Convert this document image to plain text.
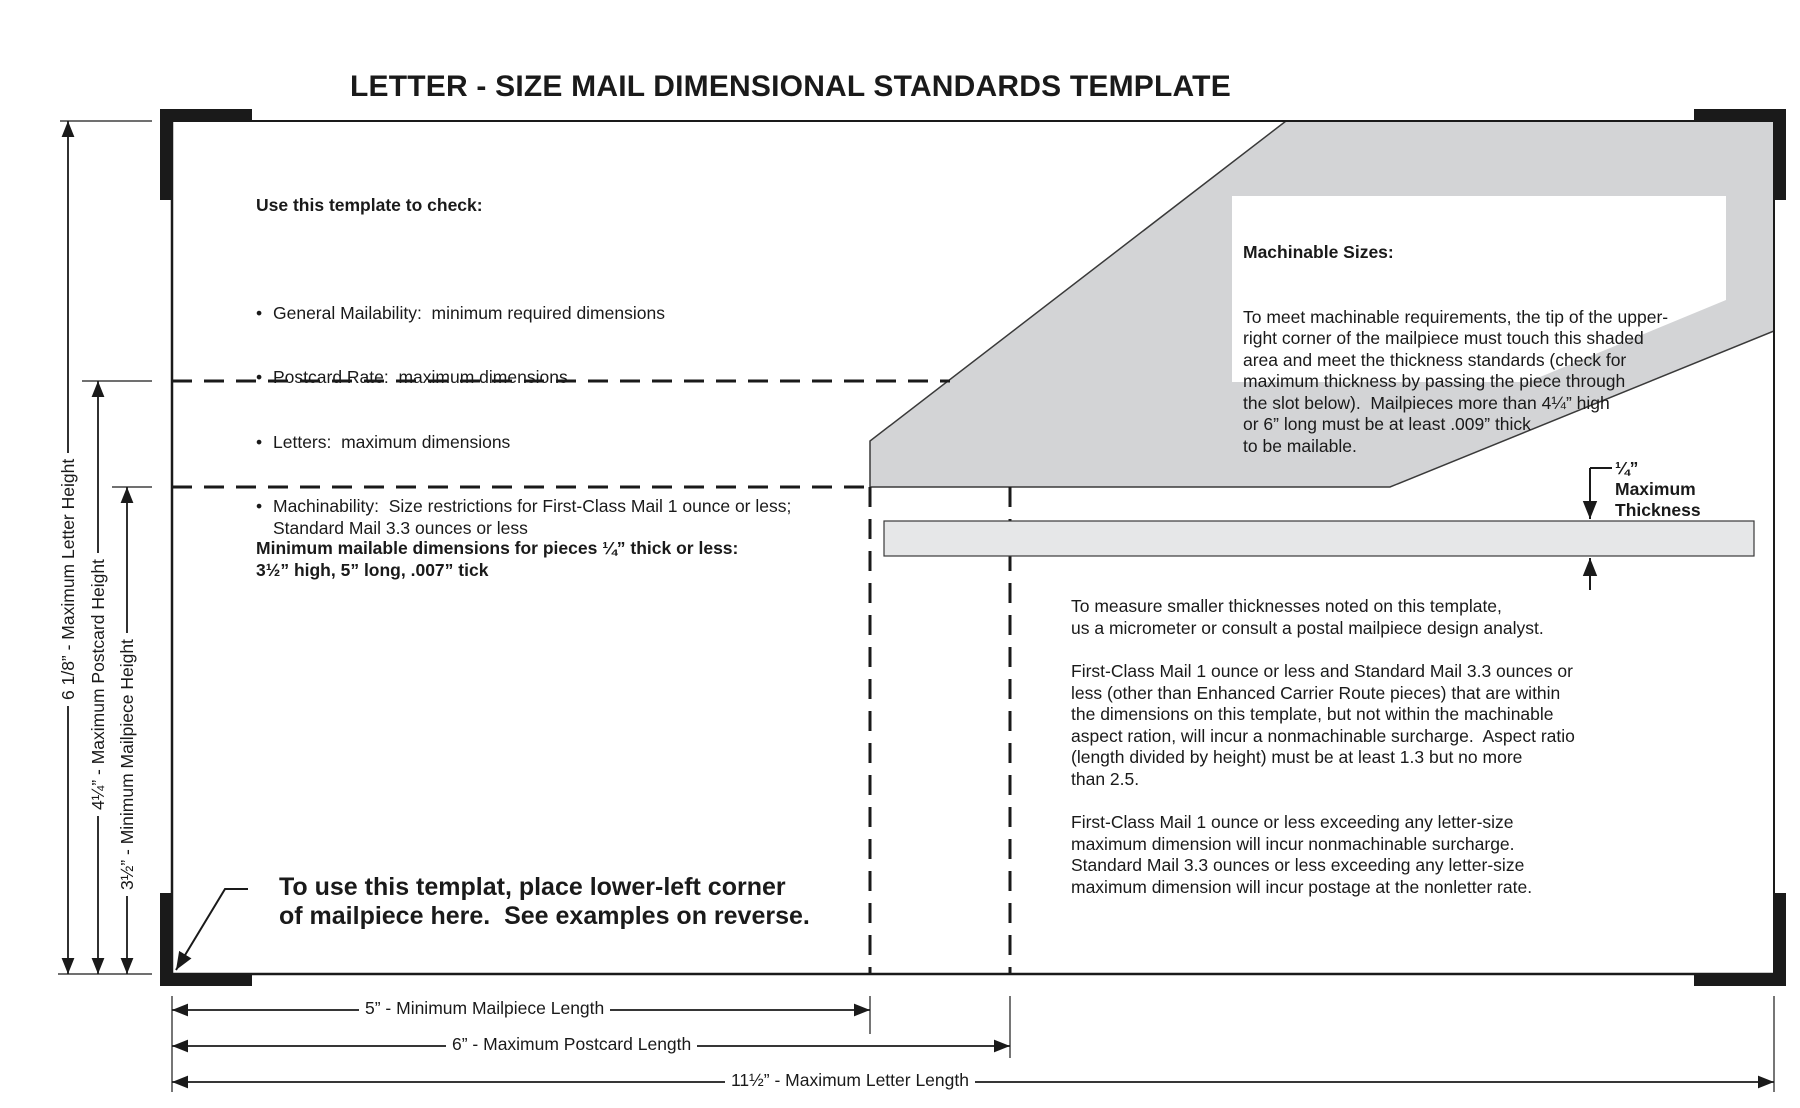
LETTER - SIZE MAIL DIMENSIONAL STANDARDS TEMPLATE

Use this template to check:

• General Mailability:  minimum required dimensions

• Postcard Rate:  maximum dimensions

• Letters:  maximum dimensions

• Machinability:  Size restrictions for First-Class Mail 1 ounce or less;
Standard Mail 3.3 ounces or less

Machinable Sizes:

To meet machinable requirements, the tip of the upper-
right corner of the mailpiece must touch this shaded
area and meet the thickness standards (check for
maximum thickness by passing the piece through
the slot below).  Mailpieces more than 4¼” high
or 6” long must be at least .009” thick
to be mailable.

¼”
Maximum
Thickness
Minimum mailable dimensions for pieces ¼” thick or less:
3½” high, 5” long, .007” tick
To measure smaller thicknesses noted on this template,
us a micrometer or consult a postal mailpiece design analyst.
First-Class Mail 1 ounce or less and Standard Mail 3.3 ounces or
less (other than Enhanced Carrier Route pieces) that are within
the dimensions on this template, but not within the machinable
aspect ration, will incur a nonmachinable surcharge.  Aspect ratio
(length divided by height) must be at least 1.3 but no more
than 2.5.
First-Class Mail 1 ounce or less exceeding any letter-size
maximum dimension will incur nonmachinable surcharge.
Standard Mail 3.3 ounces or less exceeding any letter-size
maximum dimension will incur postage at the nonletter rate.
To use this templat, place lower-left corner
of mailpiece here.  See examples on reverse.
5” - Minimum Mailpiece Length
6” - Maximum Postcard Length
11½” - Maximum Letter Length
6 1/8” - Maximum Letter Height 4¼” - Maximum Postcard Height 3½” - Minimum Mailpiece Height
